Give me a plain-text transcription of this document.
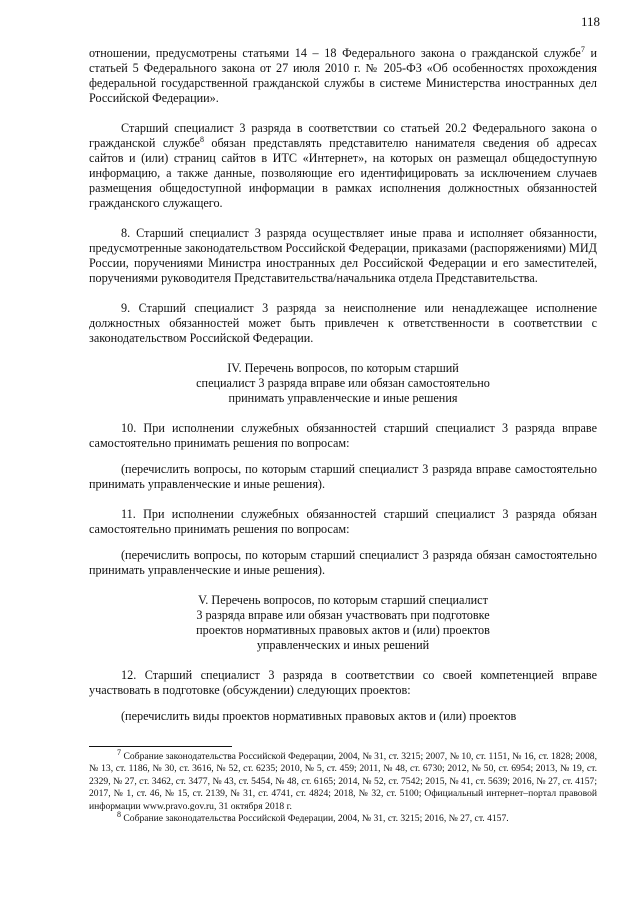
118

отношении, предусмотрены статьями 14 – 18 Федерального закона о гражданской службе$^7$ и статьей 5 Федерального закона от 27 июля 2010 г. № 205-ФЗ «Об особенностях прохождения федеральной государственной гражданской службы в системе Министерства иностранных дел Российской Федерации».

Старший специалист 3 разряда в соответствии со статьей 20.2 Федерального закона о гражданской службе$^8$ обязан представлять представителю нанимателя сведения об адресах сайтов и (или) страниц сайтов в ИТС «Интернет», на которых он размещал общедоступную информацию, а также данные, позволяющие его идентифицировать за исключением случаев размещения общедоступной информации в рамках исполнения должностных обязанностей гражданского служащего.

8. Старший специалист 3 разряда осуществляет иные права и исполняет обязанности, предусмотренные законодательством Российской Федерации, приказами (распоряжениями) МИД России, поручениями Министра иностранных дел Российской Федерации и его заместителей, поручениями руководителя Представительства/начальника отдела Представительства.

9. Старший специалист 3 разряда за неисполнение или ненадлежащее исполнение должностных обязанностей может быть привлечен к ответственности в соответствии с законодательством Российской Федерации.

IV. Перечень вопросов, по которым старший

специалист 3 разряда вправе или обязан самостоятельно

принимать управленческие и иные решения

10. При исполнении служебных обязанностей старший специалист 3 разряда вправе самостоятельно принимать решения по вопросам:

(перечислить вопросы, по которым старший специалист 3 разряда вправе самостоятельно принимать управленческие и иные решения).

11. При исполнении служебных обязанностей старший специалист 3 разряда обязан самостоятельно принимать решения по вопросам:

(перечислить вопросы, по которым старший специалист 3 разряда обязан самостоятельно принимать управленческие и иные решения).

V. Перечень вопросов, по которым старший специалист

3 разряда вправе или обязан участвовать при подготовке

проектов нормативных правовых актов и (или) проектов

управленческих и иных решений

12. Старший специалист 3 разряда в соответствии со своей компетенцией вправе участвовать в подготовке (обсуждении) следующих проектов:

(перечислить виды проектов нормативных правовых актов и (или) проектов

$^7$ Собрание законодательства Российской Федерации, 2004, № 31, ст. 3215; 2007, № 10, ст. 1151, № 16, ст. 1828; 2008, № 13, ст. 1186, № 30, ст. 3616, № 52, ст. 6235; 2010, № 5, ст. 459; 2011, № 48, ст. 6730; 2012, № 50, ст. 6954; 2013, № 19, ст. 2329, № 27, ст. 3462, ст. 3477, № 43, ст. 5454, № 48, ст. 6165; 2014, № 52, ст. 7542; 2015, № 41, ст. 5639; 2016, № 27, ст. 4157; 2017, № 1, ст. 46, № 15, ст. 2139, № 31, ст. 4741, ст. 4824; 2018, № 32, ст. 5100; Официальный интернет–портал правовой информации www.pravo.gov.ru, 31 октября 2018 г.

$^8$ Собрание законодательства Российской Федерации, 2004, № 31, ст. 3215; 2016, № 27, ст. 4157.
